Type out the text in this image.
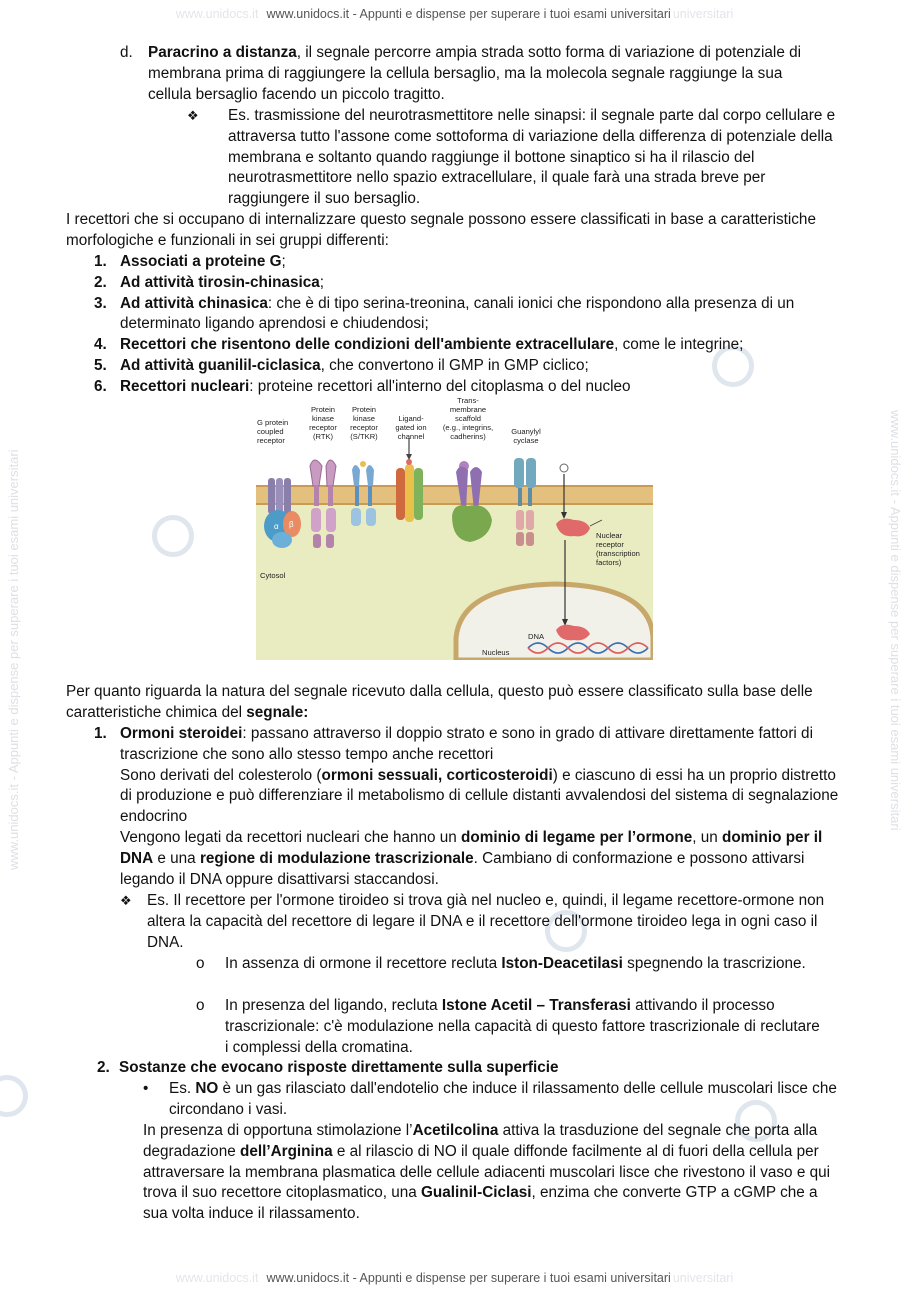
www.unidocs.it - Appunti e dispense per superare i tuoi esami universitari	www.unidocs.it - Appunti e dispense per superare i tuoi esami universitari
www.unidocs.it www.unidocs.it - Appunti e dispense per superare i tuoi esami universitari universitari
d. Paracrino a distanza, il segnale percorre ampia strada sotto forma di variazione di potenziale di membrana prima di raggiungere la cellula bersaglio, ma la molecola segnale raggiunge la sua cellula bersaglio facendo un piccolo tragitto.
❖ Es. trasmissione del neurotrasmettitore nelle sinapsi: il segnale parte dal corpo cellulare e attraversa tutto l'assone come sottoforma di variazione della differenza di potenziale della membrana e soltanto quando raggiunge il bottone sinaptico si ha il rilascio del neurotrasmettitore nello spazio extracellulare, il quale farà una strada breve per raggiungere il suo bersaglio.
I recettori che si occupano di internalizzare questo segnale possono essere classificati in base a caratteristiche morfologiche e funzionali in sei gruppi differenti:
1. Associati a proteine G;
2. Ad attività tirosin-chinasica;
3. Ad attività chinasica: che è di tipo serina-treonina, canali ionici che rispondono alla presenza di un determinato ligando aprendosi e chiudendosi;
4. Recettori che risentono delle condizioni dell'ambiente extracellulare, come le integrine;
5. Ad attività guanilil-ciclasica, che convertono il GMP in GMP ciclico;
6. Recettori nucleari: proteine recettori all'interno del citoplasma o del nucleo
α β
G protein
coupled
receptor
Protein
kinase
receptor
(RTK)
Protein
kinase
receptor
(S/TKR)
Ligand-
gated ion
channel
Trans-
membrane
scaffold
(e.g., integrins,
cadherins)
Guanylyl
cyclase
Nuclear
receptor
(transcription
factors)
Cytosol
Nucleus
DNA
Per quanto riguarda la natura del segnale ricevuto dalla cellula, questo può essere classificato sulla base delle caratteristiche chimica del segnale:
1. Ormoni steroidei: passano attraverso il doppio strato e sono in grado di attivare direttamente fattori di trascrizione che sono allo stesso tempo anche recettori
Sono derivati del colesterolo (ormoni sessuali, corticosteroidi) e ciascuno di essi ha un proprio distretto di produzione e può differenziare il metabolismo di cellule distanti avvalendosi del sistema di segnalazione endocrino
Vengono legati da recettori nucleari che hanno un dominio di legame per l’ormone, un dominio per il DNA e una regione di modulazione trascrizionale. Cambiano di conformazione e possono attivarsi legando il DNA oppure disattivarsi staccandosi.
❖ Es. Il recettore per l'ormone tiroideo si trova già nel nucleo e, quindi, il legame recettore-ormone non altera la capacità del recettore di legare il DNA e il recettore dell'ormone tiroideo lega in ogni caso il DNA.
o In assenza di ormone il recettore recluta Iston-Deacetilasi spegnendo la trascrizione.
o In presenza del ligando, recluta Istone Acetil – Transferasi attivando il processo trascrizionale: c'è modulazione nella capacità di questo fattore trascrizionale di reclutare i complessi della cromatina.
2. Sostanze che evocano risposte direttamente sulla superficie
• Es. NO è un gas rilasciato dall'endotelio che induce il rilassamento delle cellule muscolari lisce che circondano i vasi.
In presenza di opportuna stimolazione l’Acetilcolina attiva la trasduzione del segnale che porta alla degradazione dell’Arginina e al rilascio di NO il quale diffonde facilmente al di fuori della cellula per attraversare la membrana plasmatica delle cellule adiacenti muscolari lisce che rivestono il vaso e qui trova il suo recettore citoplasmatico, una Gualinil-Ciclasi, enzima che converte GTP a cGMP che a sua volta induce il rilassamento.
www.unidocs.it www.unidocs.it - Appunti e dispense per superare i tuoi esami universitari universitari
